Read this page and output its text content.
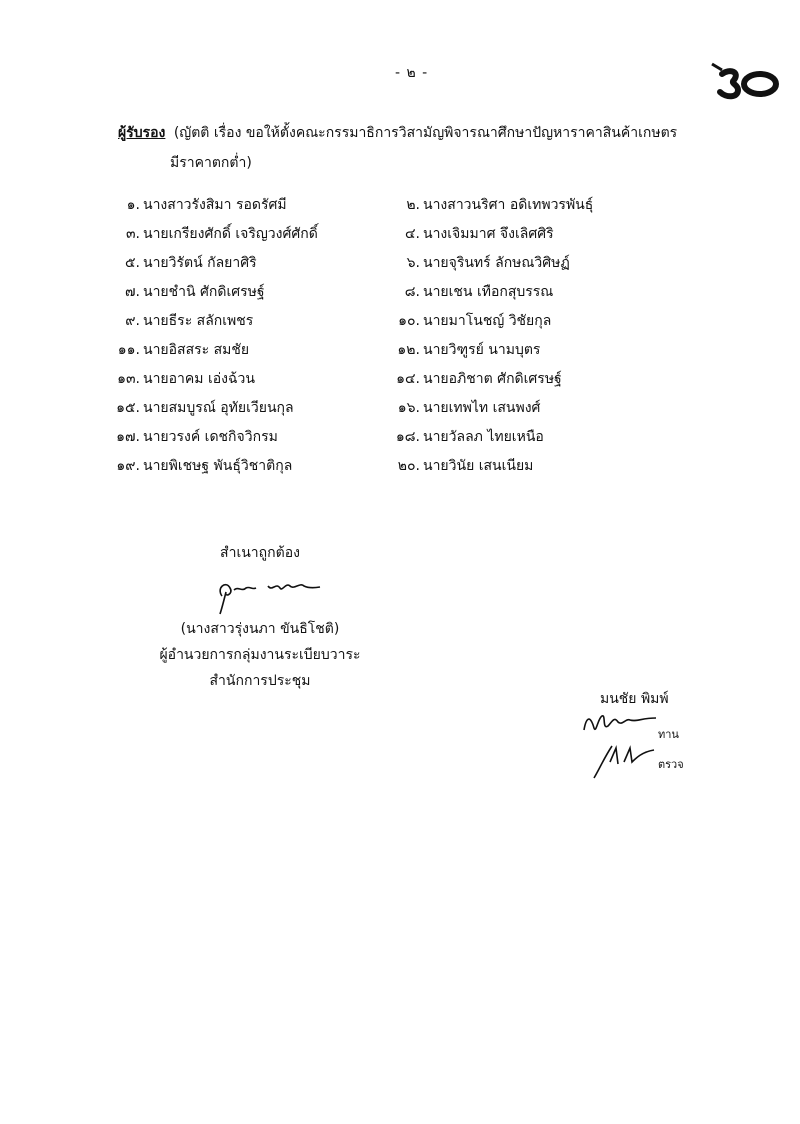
- ๒ -
ผู้รับรอง (ญัตติ เรื่อง ขอให้ตั้งคณะกรรมาธิการวิสามัญพิจารณาศึกษาปัญหาราคาสินค้าเกษตร
มีราคาตกต่ำ)
๑. นางสาวรังสิมา รอดรัศมี
๓. นายเกรียงศักดิ์ เจริญวงศ์ศักดิ์
๕. นายวิรัตน์ กัลยาศิริ
๗. นายชำนิ ศักดิเศรษฐ์
๙. นายธีระ สลักเพชร
๑๑. นายอิสสระ สมชัย
๑๓. นายอาคม เอ่งฉ้วน
๑๕. นายสมบูรณ์ อุทัยเวียนกุล
๑๗. นายวรงค์ เดชกิจวิกรม
๑๙. นายพิเชษฐ พันธุ์วิชาติกุล
๒. นางสาวนริศา อดิเทพวรพันธุ์
๔. นางเจิมมาศ จึงเลิศศิริ
๖. นายจุรินทร์ ลักษณวิศิษฏ์
๘. นายเชน เทือกสุบรรณ
๑๐. นายมาโนชญ์ วิชัยกุล
๑๒. นายวิฑูรย์ นามบุตร
๑๔. นายอภิชาต ศักดิเศรษฐ์
๑๖. นายเทพไท เสนพงศ์
๑๘. นายวัลลภ ไทยเหนือ
๒๐. นายวินัย เสนเนียม
สำเนาถูกต้อง
(นางสาวรุ่งนภา ขันธิโชติ)
ผู้อำนวยการกลุ่มงานระเบียบวาระ
สำนักการประชุม
มนชัย พิมพ์
ทาน
ตรวจ
